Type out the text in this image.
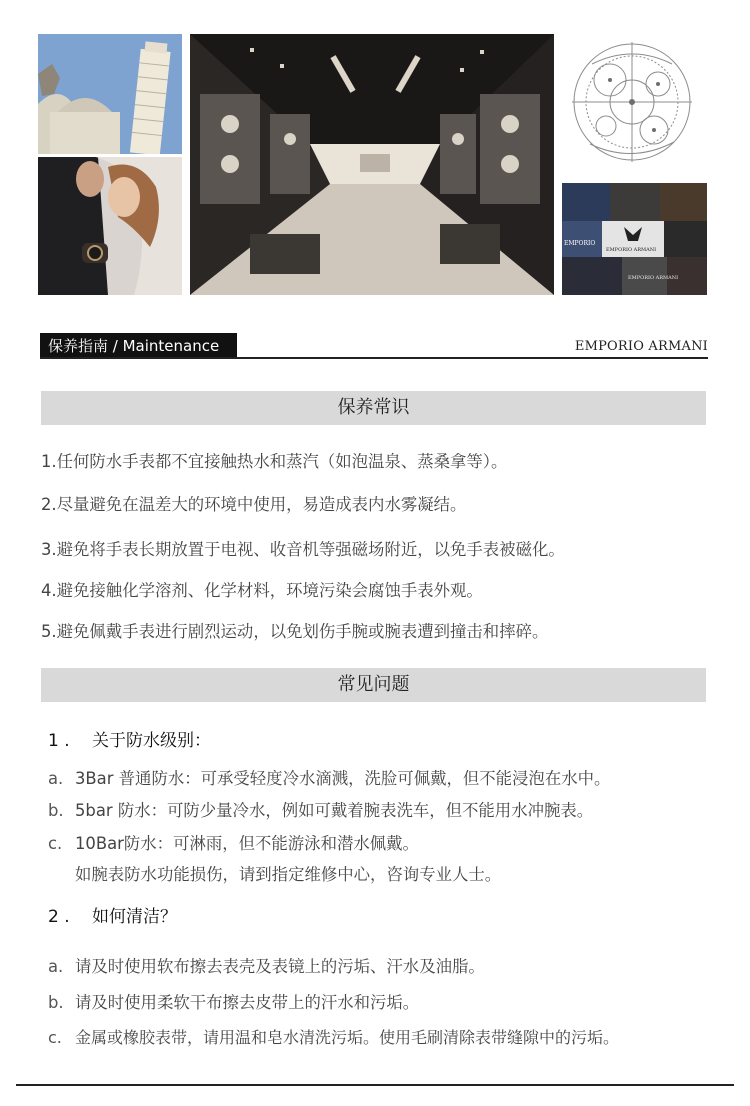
EMPORIO
EMPORIO ARMANI
EMPORIO ARMANI
保养指南 / Maintenance	EMPORIO ARMANI
保养常识
1.任何防水手表都不宜接触热水和蒸汽（如泡温泉、蒸桑拿等）。
2.尽量避免在温差大的环境中使用，易造成表内水雾凝结。
3.避免将手表长期放置于电视、收音机等强磁场附近，以免手表被磁化。
4.避免接触化学溶剂、化学材料，环境污染会腐蚀手表外观。
5.避免佩戴手表进行剧烈运动，以免划伤手腕或腕表遭到撞击和摔碎。
常见问题
1 . 关于防水级别：
a. 3Bar 普通防水：可承受轻度冷水滴溅，洗脸可佩戴，但不能浸泡在水中。
b. 5bar 防水：可防少量冷水，例如可戴着腕表洗车，但不能用水冲腕表。
c. 10Bar防水：可淋雨，但不能游泳和潜水佩戴。
如腕表防水功能损伤，请到指定维修中心，咨询专业人士。
2 . 如何清洁？
a. 请及时使用软布擦去表壳及表镜上的污垢、汗水及油脂。
b. 请及时使用柔软干布擦去皮带上的汗水和污垢。
c. 金属或橡胶表带，请用温和皂水清洗污垢。使用毛刷清除表带缝隙中的污垢。
